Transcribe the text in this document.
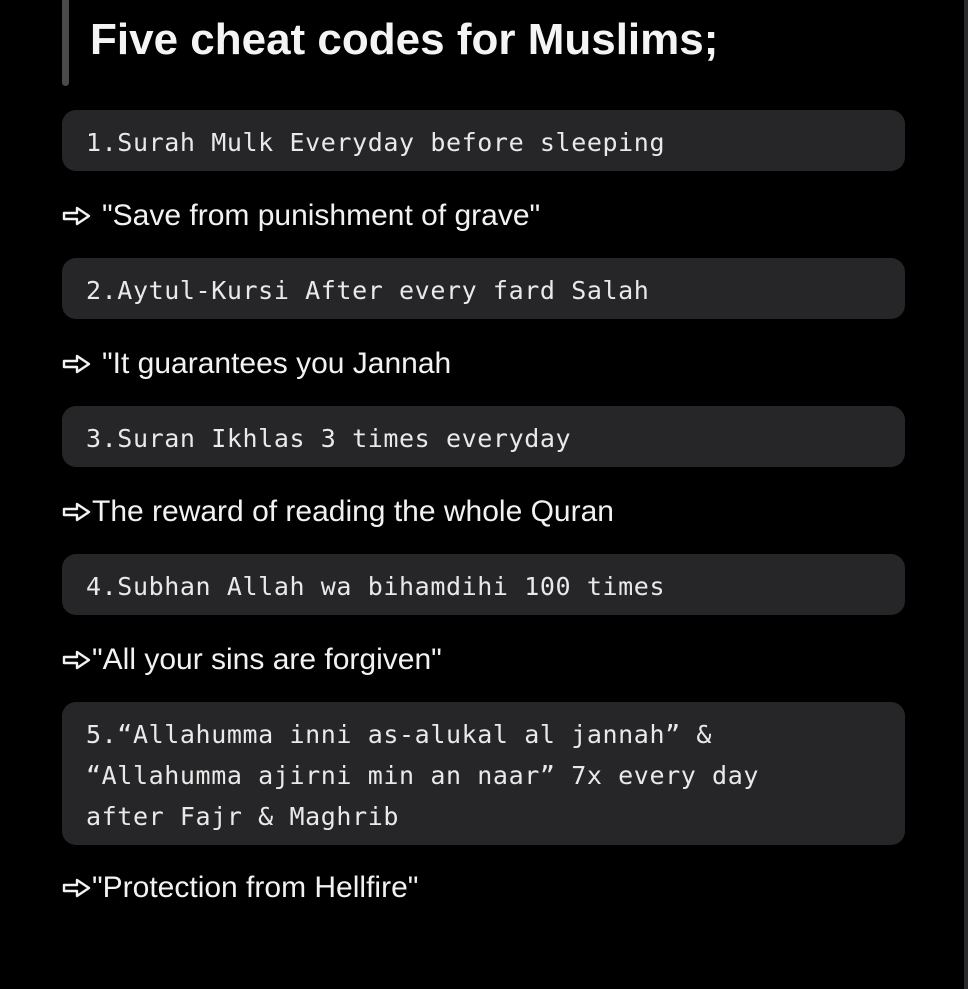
Five cheat codes for Muslims;
1.Surah Mulk Everyday before sleeping
"Save from punishment of grave"
2.Aytul-Kursi After every fard Salah
"It guarantees you Jannah
3.Suran Ikhlas 3 times everyday
The reward of reading the whole Quran
4.Subhan Allah wa bihamdihi 100 times
"All your sins are forgiven"
5.“Allahumma inni as-alukal al jannah” &
“Allahumma ajirni min an naar” 7x every day
after Fajr & Maghrib
"Protection from Hellfire"
